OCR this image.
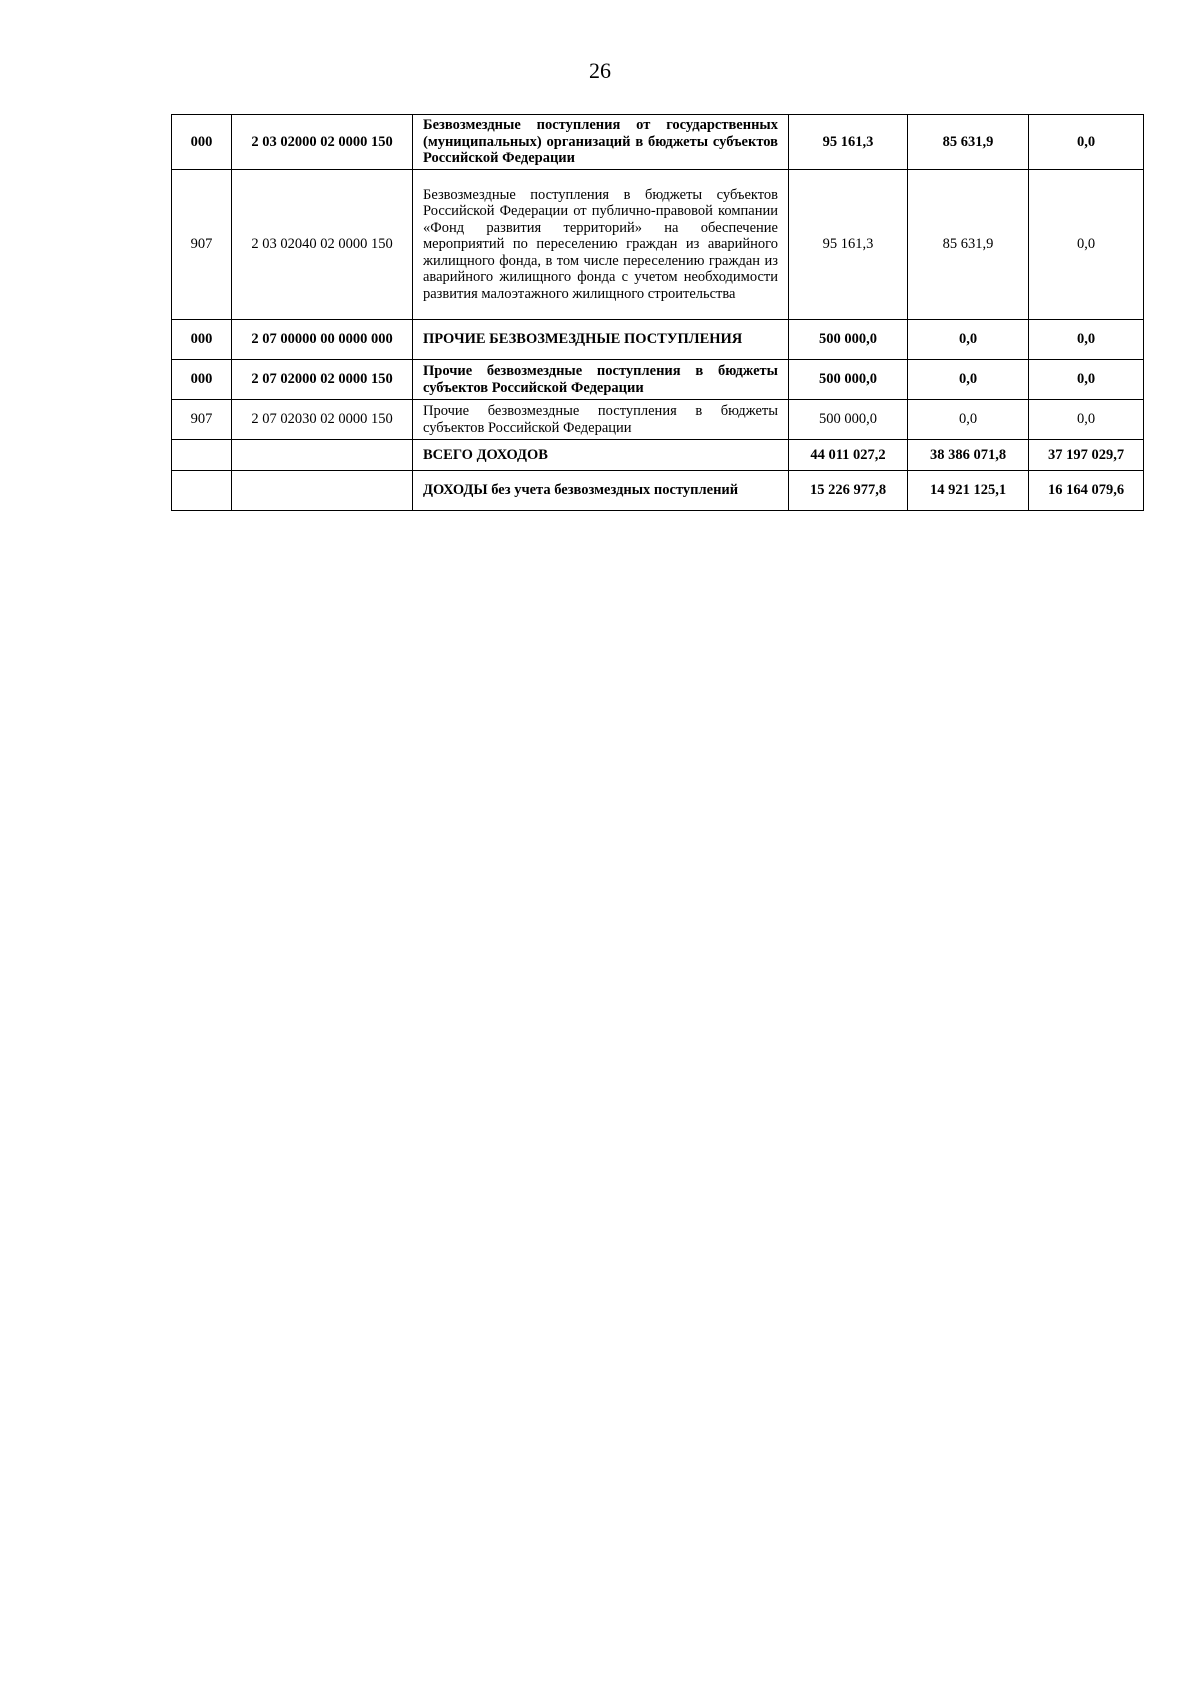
26
000	2 03 02000 02 0000 150	Безвозмездные поступления от государственных (муниципальных) организаций в бюджеты субъектов Российской Федерации	95 161,3	85 631,9	0,0
907	2 03 02040 02 0000 150	Безвозмездные поступления в бюджеты субъектов Российской Федерации от публично-правовой компании «Фонд развития территорий» на обеспечение мероприятий по переселению граждан из аварийного жилищного фонда, в том числе переселению граждан из аварийного жилищного фонда с учетом необходимости развития малоэтажного жилищного строительства	95 161,3	85 631,9	0,0
000	2 07 00000 00 0000 000	ПРОЧИЕ БЕЗВОЗМЕЗДНЫЕ ПОСТУПЛЕНИЯ	500 000,0	0,0	0,0
000	2 07 02000 02 0000 150	Прочие безвозмездные поступления в бюджеты субъектов Российской Федерации	500 000,0	0,0	0,0
907	2 07 02030 02 0000 150	Прочие безвозмездные поступления в бюджеты субъектов Российской Федерации	500 000,0	0,0	0,0
		ВСЕГО ДОХОДОВ	44 011 027,2	38 386 071,8	37 197 029,7
		ДОХОДЫ без учета безвозмездных поступлений	15 226 977,8	14 921 125,1	16 164 079,6
